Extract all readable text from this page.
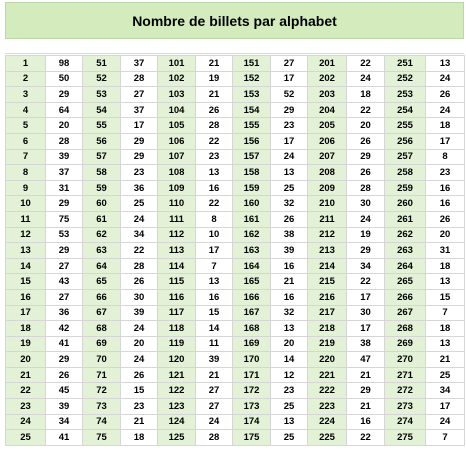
Nombre de billets par alphabet
1	98	51	37	101	21	151	27	201	22	251	13
2	50	52	28	102	19	152	17	202	24	252	24
3	29	53	27	103	21	153	52	203	18	253	26
4	64	54	37	104	26	154	29	204	22	254	24
5	20	55	17	105	28	155	23	205	20	255	18
6	28	56	29	106	22	156	17	206	26	256	17
7	39	57	29	107	23	157	24	207	29	257	8
8	37	58	23	108	13	158	13	208	26	258	23
9	31	59	36	109	16	159	25	209	28	259	16
10	29	60	25	110	22	160	32	210	30	260	16
11	75	61	24	111	8	161	26	211	24	261	26
12	53	62	34	112	10	162	38	212	19	262	20
13	29	63	22	113	17	163	39	213	29	263	31
14	27	64	28	114	7	164	16	214	34	264	18
15	43	65	26	115	13	165	21	215	22	265	13
16	27	66	30	116	16	166	16	216	17	266	15
17	36	67	39	117	15	167	32	217	30	267	7
18	42	68	24	118	14	168	13	218	17	268	18
19	41	69	20	119	11	169	20	219	38	269	13
20	29	70	24	120	39	170	14	220	47	270	21
21	26	71	26	121	21	171	12	221	21	271	25
22	45	72	15	122	27	172	23	222	29	272	34
23	39	73	23	123	27	173	25	223	21	273	17
24	34	74	21	124	24	174	13	224	16	274	24
25	41	75	18	125	28	175	25	225	22	275	7
